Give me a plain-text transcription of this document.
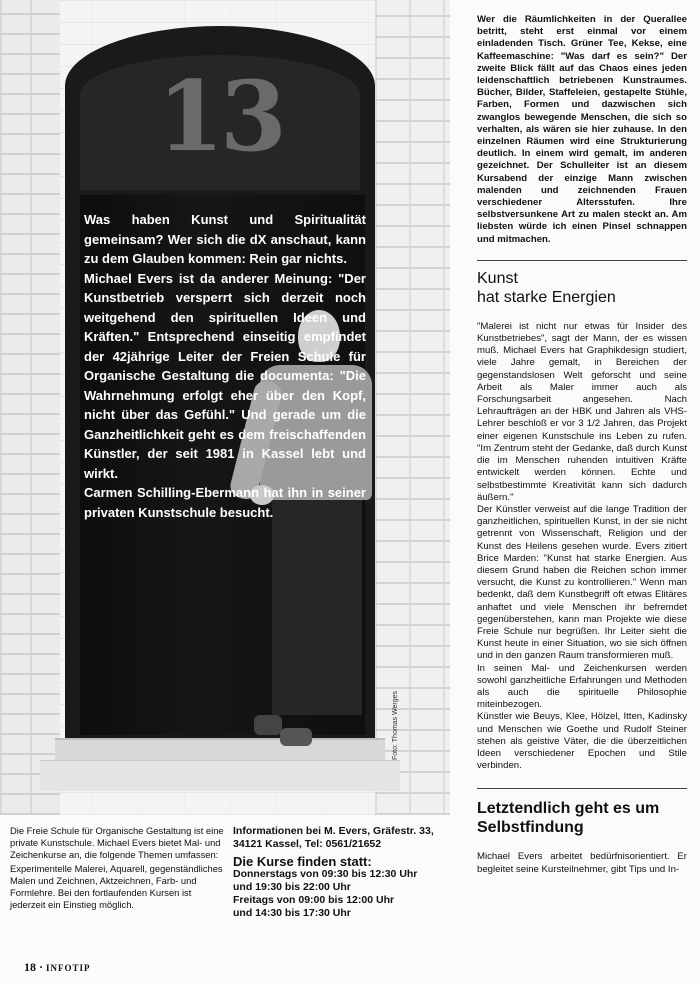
13
Foto: Thomas Werges

Was haben Kunst und Spiritualität gemeinsam? Wer sich die dX anschaut, kann zu dem Glauben kommen: Rein gar nichts.

Michael Evers ist da anderer Meinung: "Der Kunstbetrieb versperrt sich derzeit noch weitgehend den spirituellen Ideen und Kräften." Entsprechend einseitig empfindet der 42jährige Leiter der Freien Schule für Organische Gestaltung die documenta: "Die Wahrnehmung erfolgt eher über den Kopf, nicht über das Gefühl." Und gerade um die Ganzheitlichkeit geht es dem freischaffenden Künstler, der seit 1981 in Kassel lebt und wirkt.

Carmen Schilling-Ebermann hat ihn in seiner privaten Kunstschule besucht.

Die Freie Schule für Organische Gestaltung ist eine private Kunstschule. Michael Evers bietet Mal- und Zeichenkurse an, die folgende Themen umfassen:

Experimentelle Malerei, Aquarell, gegenständliches Malen und Zeichnen, Aktzeichnen, Farb- und Formlehre. Bei den fortlaufenden Kursen ist jederzeit ein Einstieg möglich.

Informationen bei M. Evers, Gräfestr. 33, 34121 Kassel, Tel: 0561/21652
Die Kurse finden statt:
Donnerstags von 09:30 bis 12:30 Uhr
und 19:30 bis 22:00 Uhr
Freitags von 09:00 bis 12:00 Uhr
und 14:30 bis 17:30 Uhr
18 · INFOTIP

Wer die Räumlichkeiten in der Querallee betritt, steht erst einmal vor einem einladenden Tisch. Grüner Tee, Kekse, eine Kaffeemaschine: "Was darf es sein?" Der zweite Blick fällt auf das Chaos eines jeden leidenschaftlich betriebenen Kunstraumes. Bücher, Bilder, Staffeleien, gestapelte Stühle, Farben, Formen und dazwischen sich zwanglos bewegende Menschen, die sich so verhalten, als wären sie hier zuhause. In den einzelnen Räumen wird eine Strukturierung deutlich. In einem wird gemalt, im anderen gezeichnet. Der Schulleiter ist an diesem Kursabend der einzige Mann zwischen malenden und zeichnenden Frauen verschiedener Altersstufen. Ihre selbstversunkene Art zu malen steckt an. Am liebsten würde ich einen Pinsel schnappen und mitmachen.

Kunst
hat starke Energien

"Malerei ist nicht nur etwas für Insider des Kunstbetriebes", sagt der Mann, der es wissen muß. Michael Evers hat Graphikdesign studiert, viele Jahre gemalt, in Bereichen der gegenstandslosen Welt geforscht und seine Arbeit als Maler immer auch als Forschungsarbeit angesehen. Nach Lehraufträgen an der HBK und Jahren als VHS-Lehrer beschloß er vor 3 1/2 Jahren, das Projekt einer eigenen Kunstschule ins Leben zu rufen. "Im Zentrum steht der Gedanke, daß durch Kunst die im Menschen ruhenden intuitiven Kräfte entwickelt werden können. Echte und selbstbestimmte Kreativität kann sich dadurch äußern."

Der Künstler verweist auf die lange Tradition der ganzheitlichen, spirituellen Kunst, in der sie nicht getrennt von Wissenschaft, Religion und der Kunst des Heilens gesehen wurde. Evers zitiert Brice Marden: "Kunst hat starke Energien. Aus diesem Grund haben die Reichen schon immer versucht, die Kunst zu kontrollieren." Wenn man bedenkt, daß dem Kunstbegriff oft etwas Elitäres anhaftet und viele Menschen ihr befremdet gegenüberstehen, kann man Projekte wie diese Freie Schule nur begrüßen. Ihr Leiter sieht die Kunst heute in einer Situation, wo sie sich öffnen und in den ganzen Raum transformieren muß.

In seinen Mal- und Zeichenkursen werden sowohl ganzheitliche Erfahrungen und Methoden als auch die spirituelle Philosophie miteinbezogen.

Künstler wie Beuys, Klee, Hölzel, Itten, Kadinsky und Menschen wie Goethe und Rudolf Steiner stehen als geistive Väter, die die überzeitlichen Ideen verschiedener Epochen und Stile verbinden.

Letztendlich geht es um
Selbstfindung

Michael Evers arbeitet bedürfnisorientiert. Er begleitet seine Kursteilnehmer, gibt Tips und In-
